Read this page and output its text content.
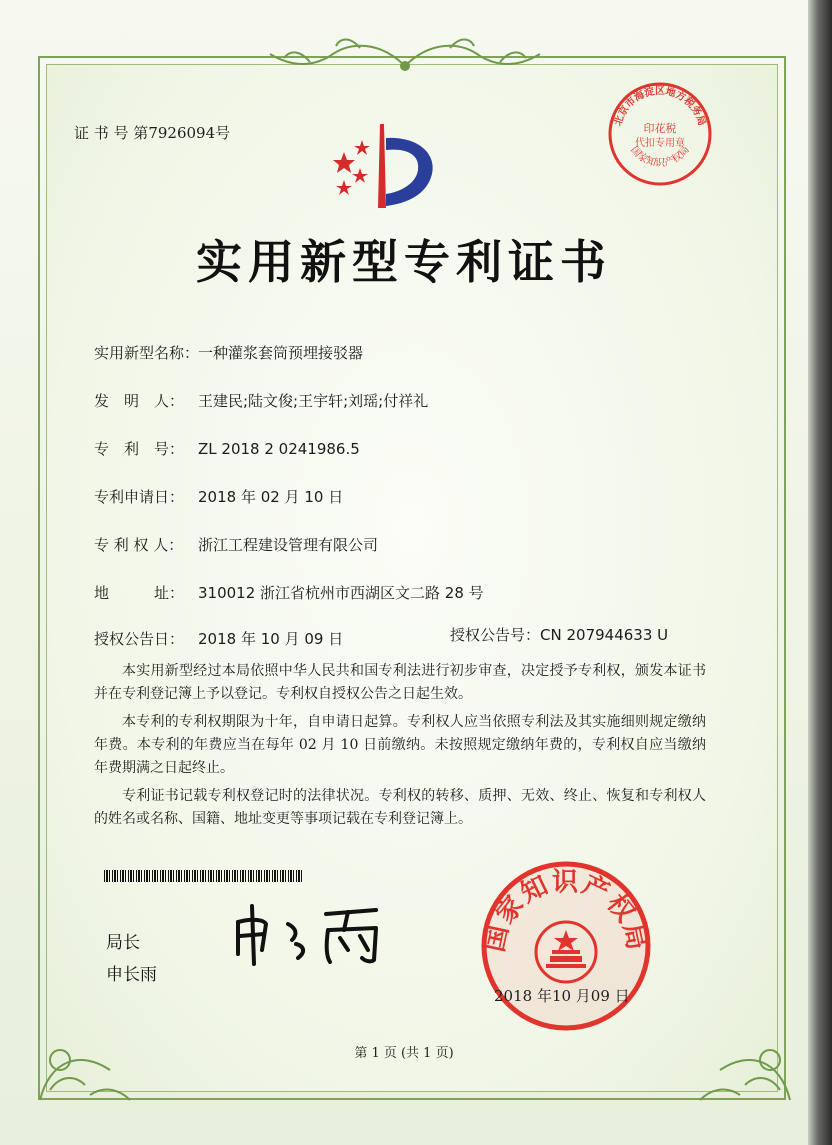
证 书 号 第7926094号
北京市海淀区地方税务局
印花税
代扣专用章
国家知识产权局
实用新型专利证书
实用新型名称：一种灌浆套筒预埋接驳器
发　明　人： 王建民;陆文俊;王宇轩;刘瑶;付祥礼
专　利　号： ZL 2018 2 0241986.5
专利申请日： 2018 年 02 月 10 日
专 利 权 人： 浙江工程建设管理有限公司
地　　　址： 310012 浙江省杭州市西湖区文二路 28 号
授权公告日： 2018 年 10 月 09 日	授权公告号：CN 207944633 U
本实用新型经过本局依照中华人民共和国专利法进行初步审查，决定授予专利权，颁发本证书并在专利登记簿上予以登记。专利权自授权公告之日起生效。
本专利的专利权期限为十年，自申请日起算。专利权人应当依照专利法及其实施细则规定缴纳年费。本专利的年费应当在每年 02 月 10 日前缴纳。未按照规定缴纳年费的，专利权自应当缴纳年费期满之日起终止。
专利证书记载专利权登记时的法律状况。专利权的转移、质押、无效、终止、恢复和专利权人的姓名或名称、国籍、地址变更等事项记载在专利登记簿上。
局长
申长雨
国家知识产权局
2018 年10 月09 日
第 1 页 (共 1 页)
